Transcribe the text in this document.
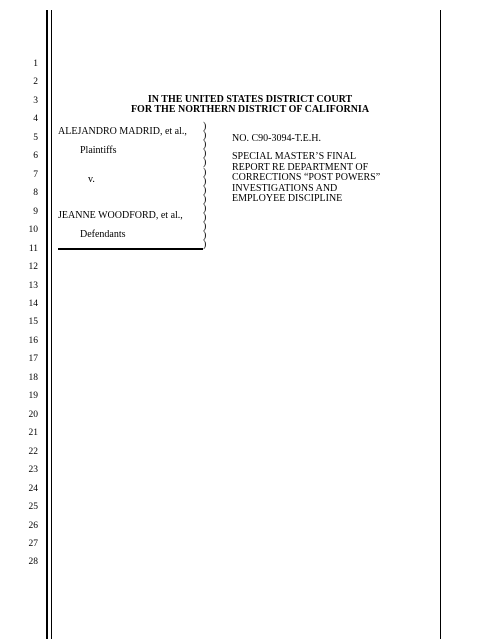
1
2
3
4
5
6
7
8
9
10
11
12
13
14
15
16
17
18
19
20
21
22
23
24
25
26
27
28
IN THE UNITED STATES DISTRICT COURT
FOR THE NORTHERN DISTRICT OF CALIFORNIA
ALEJANDRO MADRID, et al.,
Plaintiffs
v.
JEANNE WOODFORD, et al.,
Defendants
)
)
)
)
)
)
)
)
)
)
)
)
)
)
NO. C90-3094-T.E.H.
SPECIAL MASTER’S FINAL
REPORT RE DEPARTMENT OF
CORRECTIONS “POST POWERS”
INVESTIGATIONS AND
EMPLOYEE DISCIPLINE
